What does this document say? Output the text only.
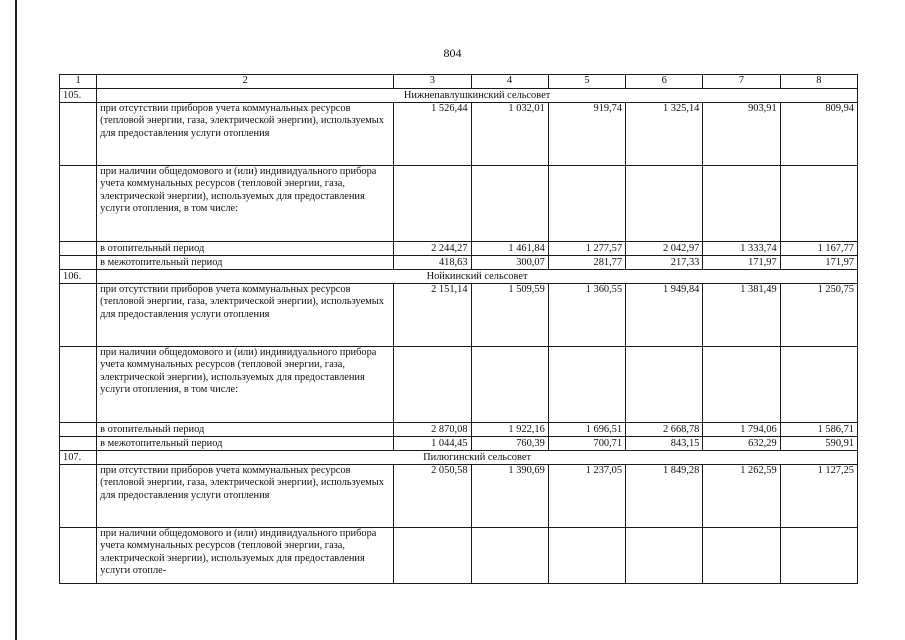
804
1	2	3	4	5	6	7	8
105.	Нижнепавлушкинский сельсовет						
	при отсутствии приборов учета коммунальных ресурсов (тепловой энергии, газа, электрической энергии), используемых для предоставления услуги отопления	1 526,44	1 032,01	919,74	1 325,14	903,91	809,94
	при наличии общедомового и (или) индивидуального прибора учета коммунальных ресурсов (тепловой энергии, газа, электрической энергии), используемых для предоставления услуги отопления, в том числе:						
	в отопительный период	2 244,27	1 461,84	1 277,57	2 042,97	1 333,74	1 167,77
	в межотопительный период	418,63	300,07	281,77	217,33	171,97	171,97
106.	Нойкинский сельсовет						
	при отсутствии приборов учета коммунальных ресурсов (тепловой энергии, газа, электрической энергии), используемых для предоставления услуги отопления	2 151,14	1 509,59	1 360,55	1 949,84	1 381,49	1 250,75
	при наличии общедомового и (или) индивидуального прибора учета коммунальных ресурсов (тепловой энергии, газа, электрической энергии), используемых для предоставления услуги отопления, в том числе:						
	в отопительный период	2 870,08	1 922,16	1 696,51	2 668,78	1 794,06	1 586,71
	в межотопительный период	1 044,45	760,39	700,71	843,15	632,29	590,91
107.	Пилюгинский сельсовет						
	при отсутствии приборов учета коммунальных ресурсов (тепловой энергии, газа, электрической энергии), используемых для предоставления услуги отопления	2 050,58	1 390,69	1 237,05	1 849,28	1 262,59	1 127,25
	при наличии общедомового и (или) индивидуального прибора учета коммунальных ресурсов (тепловой энергии, газа, электрической энергии), используемых для предоставления услуги отопле-						
